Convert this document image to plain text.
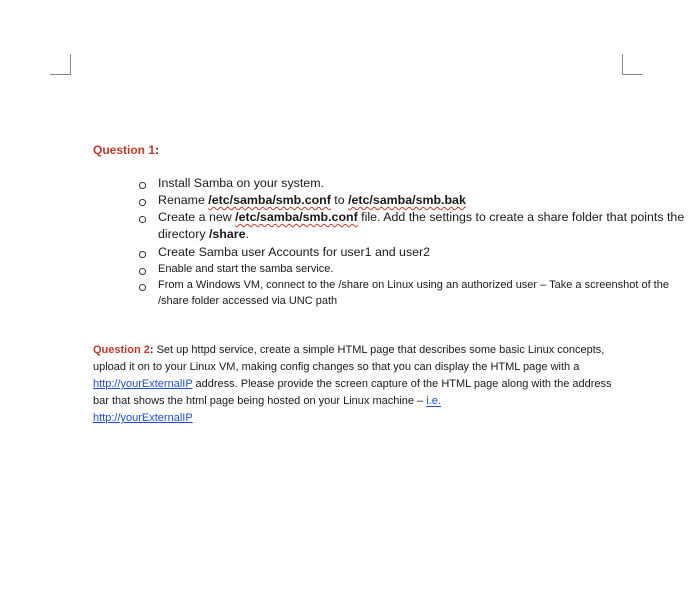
Question 1:
Install Samba on your system.
Rename /etc/samba/smb.conf to /etc/samba/smb.bak
Create a new /etc/samba/smb.conf file. Add the settings to create a share folder that points the directory /share.
Create Samba user Accounts for user1 and user2
Enable and start the samba service.
From a Windows VM, connect to the /share on Linux using an authorized user – Take a screenshot of the /share folder accessed via UNC path
Question 2: Set up httpd service, create a simple HTML page that describes some basic Linux concepts, upload it on to your Linux VM, making config changes so that you can display the HTML page with a http://yourExternalIP address. Please provide the screen capture of the HTML page along with the address bar that shows the html page being hosted on your Linux machine – i.e.
http://yourExternalIP
